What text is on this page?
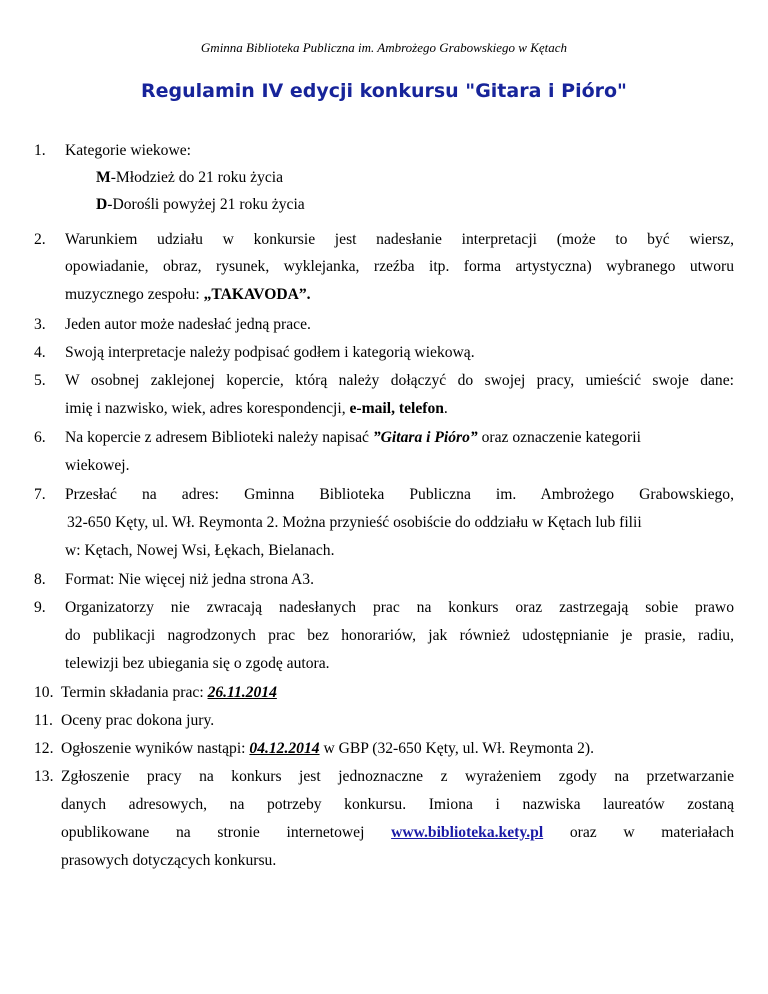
Gminna Biblioteka Publiczna im. Ambrożego Grabowskiego w Kętach
Regulamin IV edycji konkursu "Gitara i Pióro"
1. Kategorie wiekowe:
M-Młodzież do 21 roku życia
D-Dorośli powyżej 21 roku życia
2. Warunkiem udziału w konkursie jest nadesłanie interpretacji (może to być wiersz,
opowiadanie, obraz, rysunek, wyklejanka, rzeźba itp. forma artystyczna) wybranego utworu
muzycznego zespołu: „TAKAVODA”.
3. Jeden autor może nadesłać jedną prace.
4. Swoją interpretacje należy podpisać godłem i kategorią wiekową.
5. W osobnej zaklejonej kopercie, którą należy dołączyć do swojej pracy, umieścić swoje dane:
imię i nazwisko, wiek, adres korespondencji, e-mail, telefon.
6. Na kopercie z adresem Biblioteki należy napisać ”Gitara i Pióro” oraz oznaczenie kategorii
wiekowej.
7. Przesłać na adres: Gminna Biblioteka Publiczna im. Ambrożego Grabowskiego,
32-650 Kęty, ul. Wł. Reymonta 2. Można przynieść osobiście do oddziału w Kętach lub filii
w: Kętach, Nowej Wsi, Łękach, Bielanach.
8. Format: Nie więcej niż jedna strona A3.
9. Organizatorzy nie zwracają nadesłanych prac na konkurs oraz zastrzegają sobie prawo
do publikacji nagrodzonych prac bez honorariów, jak również udostępnianie je prasie, radiu,
telewizji bez ubiegania się o zgodę autora.
10. Termin składania prac: 26.11.2014
11. Oceny prac dokona jury.
12. Ogłoszenie wyników nastąpi: 04.12.2014 w GBP (32-650 Kęty, ul. Wł. Reymonta 2).
13. Zgłoszenie pracy na konkurs jest jednoznaczne z wyrażeniem zgody na przetwarzanie
danych adresowych, na potrzeby konkursu. Imiona i nazwiska laureatów zostaną
opublikowane na stronie internetowej www.biblioteka.kety.pl oraz w materiałach
prasowych dotyczących konkursu.
